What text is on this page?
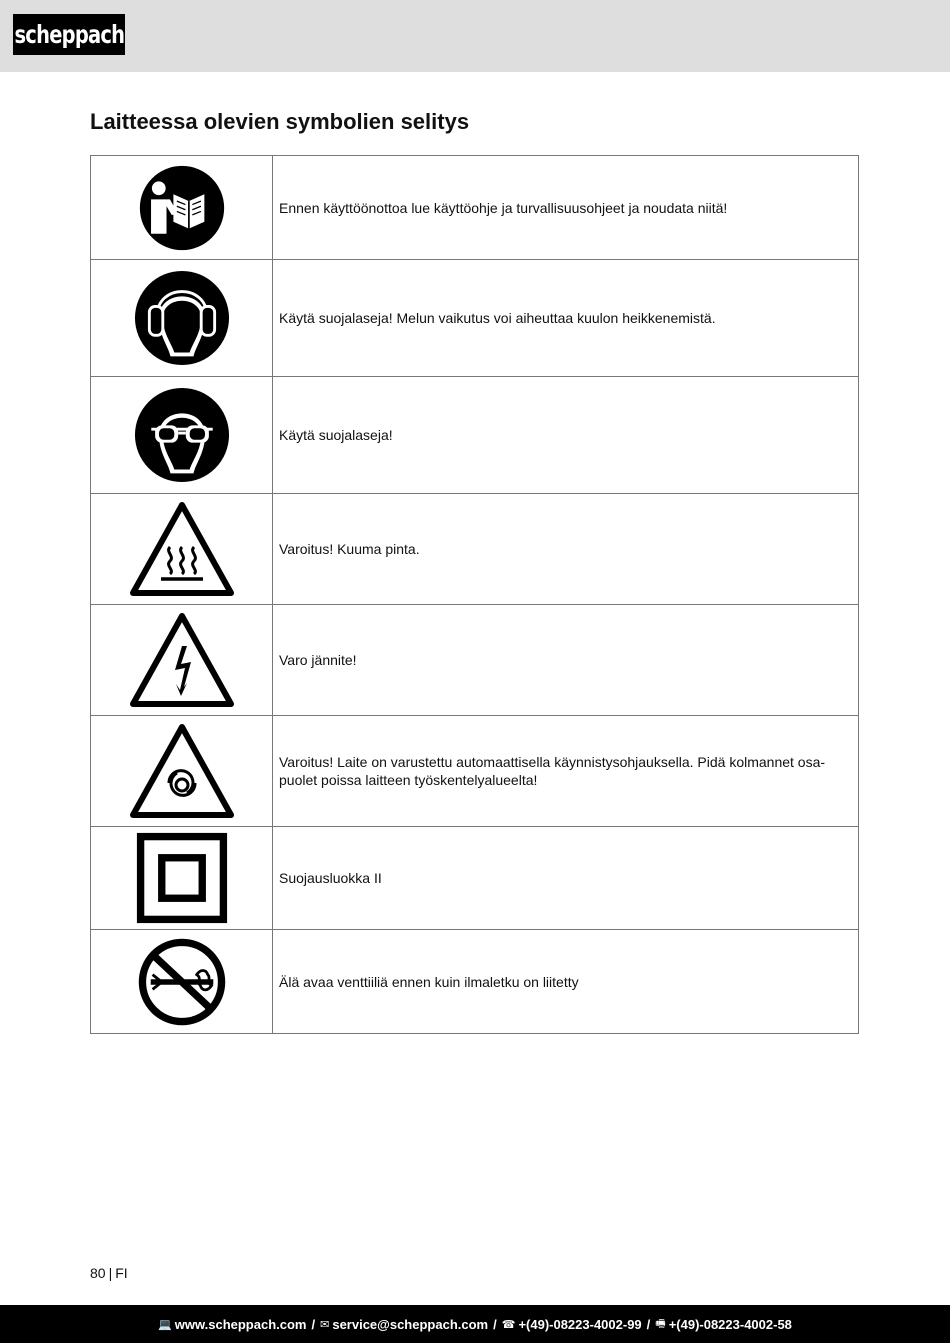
scheppach
Laitteessa olevien symbolien selitys
	Ennen käyttöönottoa lue käyttöohje ja turvallisuusohjeet ja noudata niitä!

	Käytä suojalaseja! Melun vaikutus voi aiheuttaa kuulon heikkenemistä.

	Käytä suojalaseja!

	Varoitus! Kuuma pinta.

	Varo jännite!

	Varoitus! Laite on varustettu automaattisella käynnistysohjauksella. Pidä kolmannet osa-puolet poissa laitteen työskentelyalueelta!

	Suojausluokka II

	Älä avaa venttiiliä ennen kuin ilmaletku on liitetty
80 | FI
💻 www.scheppach.com / ✉ service@scheppach.com / ☎ +(49)-08223-4002-99 / 🖷 +(49)-08223-4002-58
